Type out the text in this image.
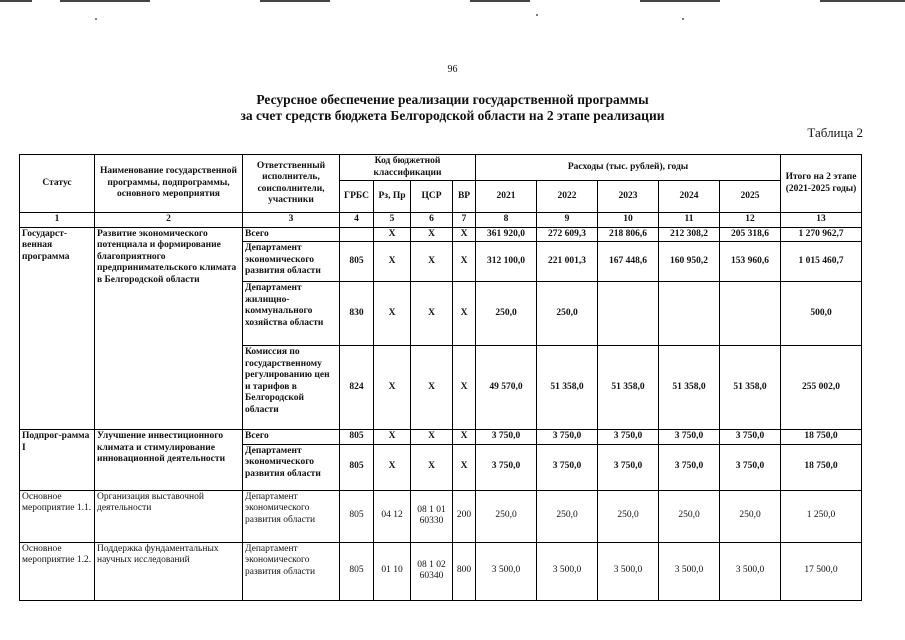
96
Ресурсное обеспечение реализации государственной программы
за счет средств бюджета Белгородской области на 2 этапе реализации
Таблица 2
Статус	Наименование государственной программы, подпрограммы, основного мероприятия	Ответственный исполнитель, соисполнители, участники	Код бюджетной классификации				Расходы (тыс. рублей), годы					Итого на 2 этапе (2021-2025 годы)
			ГРБС	Рз, Пр	ЦСР	ВР	2021	2022	2023	2024	2025	
1	2	3	4	5	6	7	8	9	10	11	12	13
Государст-венная программа	Развитие экономического потенциала и формирование благоприятного предпринимательского климата в Белгородской области	Всего		Х	Х	Х	361 920,0	272 609,3	218 806,6	212 308,2	205 318,6	1 270 962,7
		Департамент экономического развития области	805	Х	Х	Х	312 100,0	221 001,3	167 448,6	160 950,2	153 960,6	1 015 460,7
		Департамент жилищно-коммунального хозяйства области	830	Х	Х	Х	250,0	250,0				500,0
		Комиссия по государственному регулированию цен и тарифов в Белгородской области	824	Х	Х	Х	49 570,0	51 358,0	51 358,0	51 358,0	51 358,0	255 002,0
Подпрог-рамма I	Улучшение инвестиционного климата и стимулирование инновационной деятельности	Всего	805	Х	Х	Х	3 750,0	3 750,0	3 750,0	3 750,0	3 750,0	18 750,0
		Департамент экономического развития области	805	Х	Х	Х	3 750,0	3 750,0	3 750,0	3 750,0	3 750,0	18 750,0
Основное мероприятие 1.1.	Организация выставочной деятельности	Департамент экономического развития области	805	04 12	08 1 01 60330	200	250,0	250,0	250,0	250,0	250,0	1 250,0
Основное мероприятие 1.2.	Поддержка фундаментальных научных исследований	Департамент экономического развития области	805	01 10	08 1 02 60340	800	3 500,0	3 500,0	3 500,0	3 500,0	3 500,0	17 500,0
